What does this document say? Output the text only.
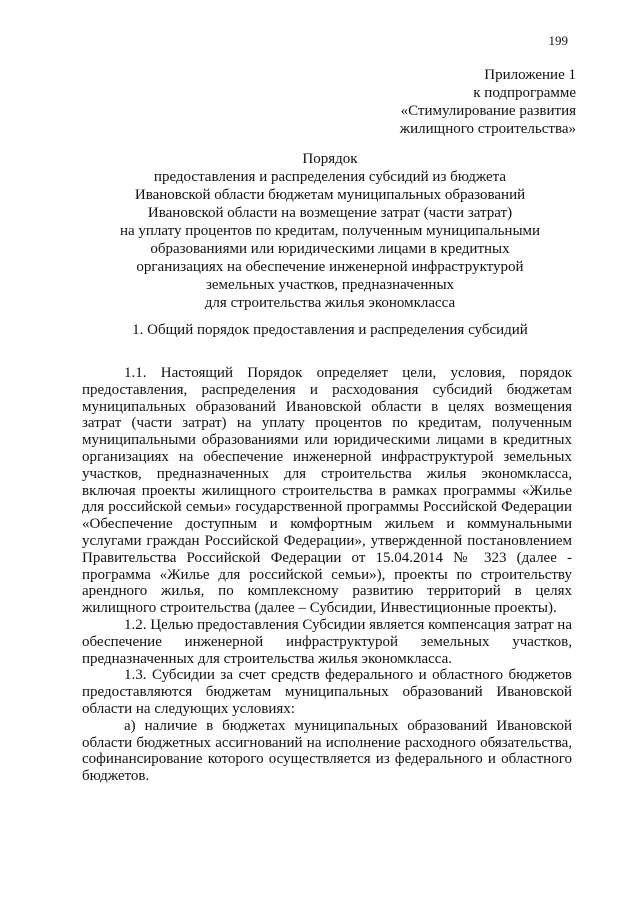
199
Приложение 1
к подпрограмме
«Стимулирование развития
жилищного строительства»
Порядок
предоставления и распределения субсидий из бюджета
Ивановской области бюджетам муниципальных образований
Ивановской области на возмещение затрат (части затрат)
на уплату процентов по кредитам, полученным муниципальными
образованиями или юридическими лицами в кредитных
организациях на обеспечение инженерной инфраструктурой
земельных участков, предназначенных
для строительства жилья экономкласса
1. Общий порядок предоставления и распределения субсидий

1.1. Настоящий Порядок определяет цели, условия, порядок предоставления, распределения и расходования субсидий бюджетам муниципальных образований Ивановской области в целях возмещения затрат (части затрат) на уплату процентов по кредитам, полученным муниципальными образованиями или юридическими лицами в кредитных организациях на обеспечение инженерной инфраструктурой земельных участков, предназначенных для строительства жилья экономкласса, включая проекты жилищного строительства в рамках программы «Жилье для российской семьи» государственной программы Российской Федерации «Обеспечение доступным и комфортным жильем и коммунальными услугами граждан Российской Федерации», утвержденной постановлением Правительства Российской Федерации от 15.04.2014 № 323 (далее - программа «Жилье для российской семьи»), проекты по строительству арендного жилья, по комплексному развитию территорий в целях жилищного строительства (далее – Субсидии, Инвестиционные проекты).

1.2. Целью предоставления Субсидии является компенсация затрат на обеспечение инженерной инфраструктурой земельных участков, предназначенных для строительства жилья экономкласса.

1.3. Субсидии за счет средств федерального и областного бюджетов предоставляются бюджетам муниципальных образований Ивановской области на следующих условиях:

а) наличие в бюджетах муниципальных образований Ивановской области бюджетных ассигнований на исполнение расходного обязательства, софинансирование которого осуществляется из федерального и областного бюджетов.
